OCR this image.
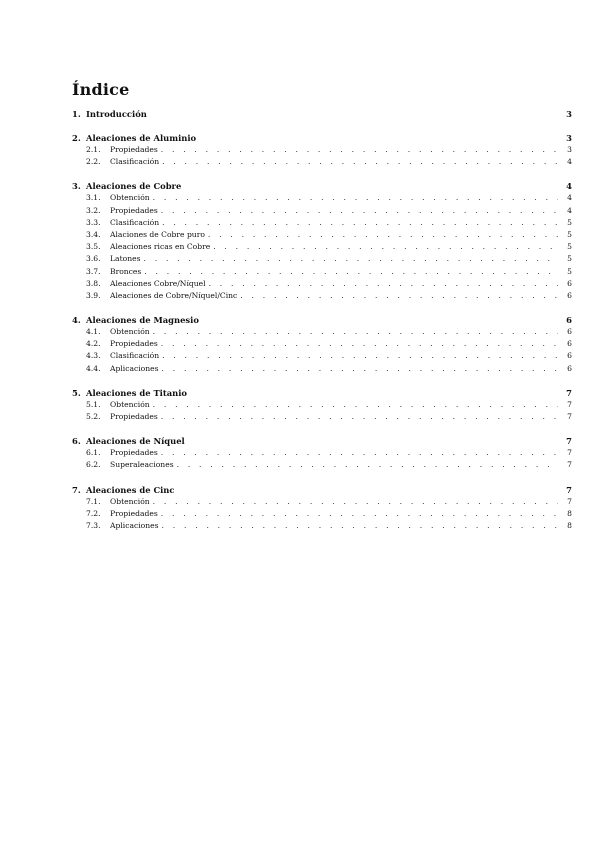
Índice
1. Introducción	3
2. Aleaciones de Aluminio	3
2.1.	Propiedades . . .	3
2.2.	Clasificación . . .	4
3. Aleaciones de Cobre	4
3.1.	Obtención . . .	4
3.2.	Propiedades . . .	4
3.3.	Clasificación . . .	5
3.4.	Alaciones de Cobre puro . . .	5
3.5.	Aleaciones ricas en Cobre . . .	5
3.6.	Latones . . .	5
3.7.	Bronces . . .	5
3.8.	Aleaciones Cobre/Níquel . . .	6
3.9.	Aleaciones de Cobre/Níquel/Cinc . . .	6
4. Aleaciones de Magnesio	6
4.1.	Obtención . . .	6
4.2.	Propiedades . . .	6
4.3.	Clasificación . . .	6
4.4.	Aplicaciones . . .	6
5. Aleaciones de Titanio	7
5.1.	Obtención . . .	7
5.2.	Propiedades . . .	7
6. Aleaciones de Níquel	7
6.1.	Propiedades . . .	7
6.2.	Superaleaciones . . .	7
7. Aleaciones de Cinc	7
7.1.	Obtención . . .	7
7.2.	Propiedades . . .	8
7.3.	Aplicaciones . . .	8
